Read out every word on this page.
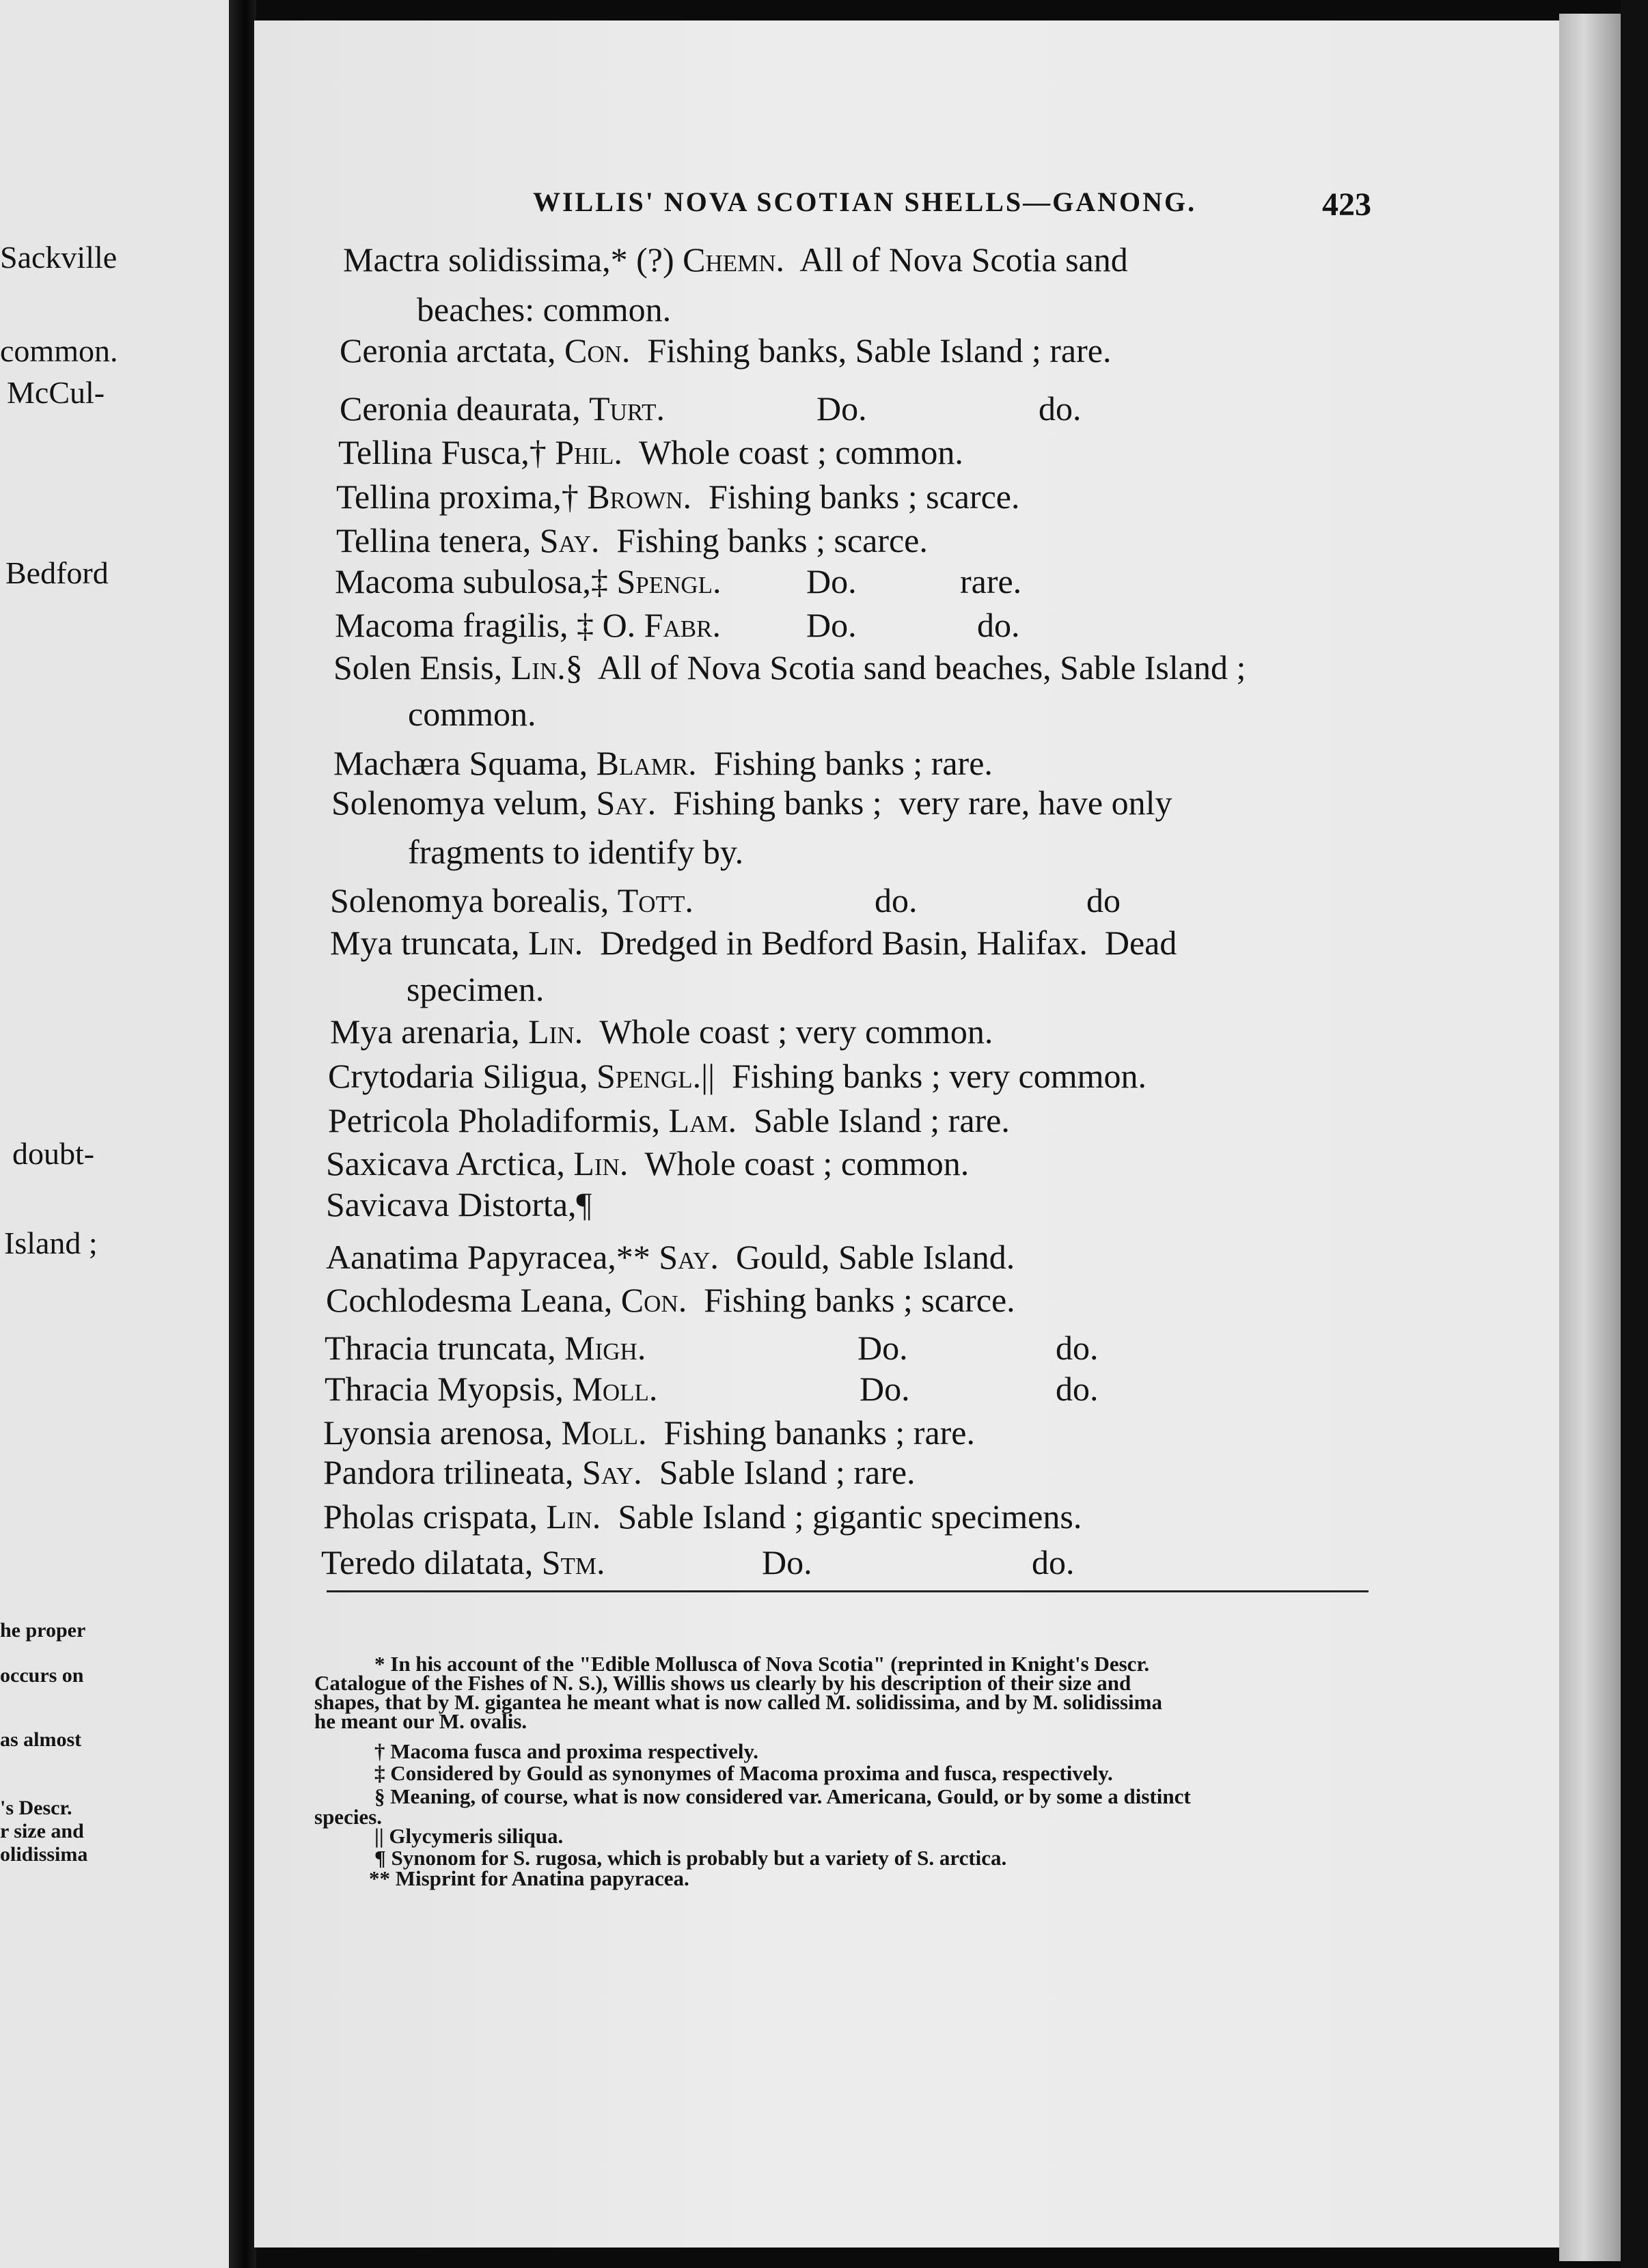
Sackville
common.
McCul-
Bedford
doubt-
Island ;
he proper
occurs on
as almost
's Descr.
r size and
olidissima
WILLIS' NOVA SCOTIAN SHELLS—GANONG.	423
Mactra solidissima,* (?) Chemn.  All of Nova Scotia sand
beaches: common.
Ceronia arctata, Con.  Fishing banks, Sable Island ; rare.
Ceronia deaurata, Turt.	Do.	do.
Tellina Fusca,† Phil.  Whole coast ; common.
Tellina proxima,† Brown.  Fishing banks ; scarce.
Tellina tenera, Say.  Fishing banks ; scarce.
Macoma subulosa,‡ Spengl. Do.	rare.
Macoma fragilis, ‡ O. Fabr.	Do.	do.
Solen Ensis, Lin.§  All of Nova Scotia sand beaches, Sable Island ;
common.
Machæra Squama, Blamr.  Fishing banks ; rare.
Solenomya velum, Say.  Fishing banks ;  very rare, have only
fragments to identify by.
Solenomya borealis, Tott.	do.	do
Mya truncata, Lin.  Dredged in Bedford Basin, Halifax.  Dead
specimen.
Mya arenaria, Lin.  Whole coast ; very common.
Crytodaria Siligua, Spengl.||  Fishing banks ; very common.
Petricola Pholadiformis, Lam.  Sable Island ; rare.
Saxicava Arctica, Lin.  Whole coast ; common.
Savicava Distorta,¶
Aanatima Papyracea,** Say.  Gould, Sable Island.
Cochlodesma Leana, Con.  Fishing banks ; scarce.
Thracia truncata, Migh.	Do.	do.
Thracia Myopsis, Moll.	Do.	do.
Lyonsia arenosa, Moll.  Fishing bananks ; rare.
Pandora trilineata, Say.  Sable Island ; rare.
Pholas crispata, Lin.  Sable Island ; gigantic specimens.
Teredo dilatata, Stm.	Do.	do.
* In his account of the "Edible Mollusca of Nova Scotia" (reprinted in Knight's Descr.
Catalogue of the Fishes of N. S.), Willis shows us clearly by his description of their size and
shapes, that by M. gigantea he meant what is now called M. solidissima, and by M. solidissima
he meant our M. ovalis.
† Macoma fusca and proxima respectively.
‡ Considered by Gould as synonymes of Macoma proxima and fusca, respectively.
§ Meaning, of course, what is now considered var. Americana, Gould, or by some a distinct
species.
|| Glycymeris siliqua.
¶ Synonom for S. rugosa, which is probably but a variety of S. arctica.
** Misprint for Anatina papyracea.
